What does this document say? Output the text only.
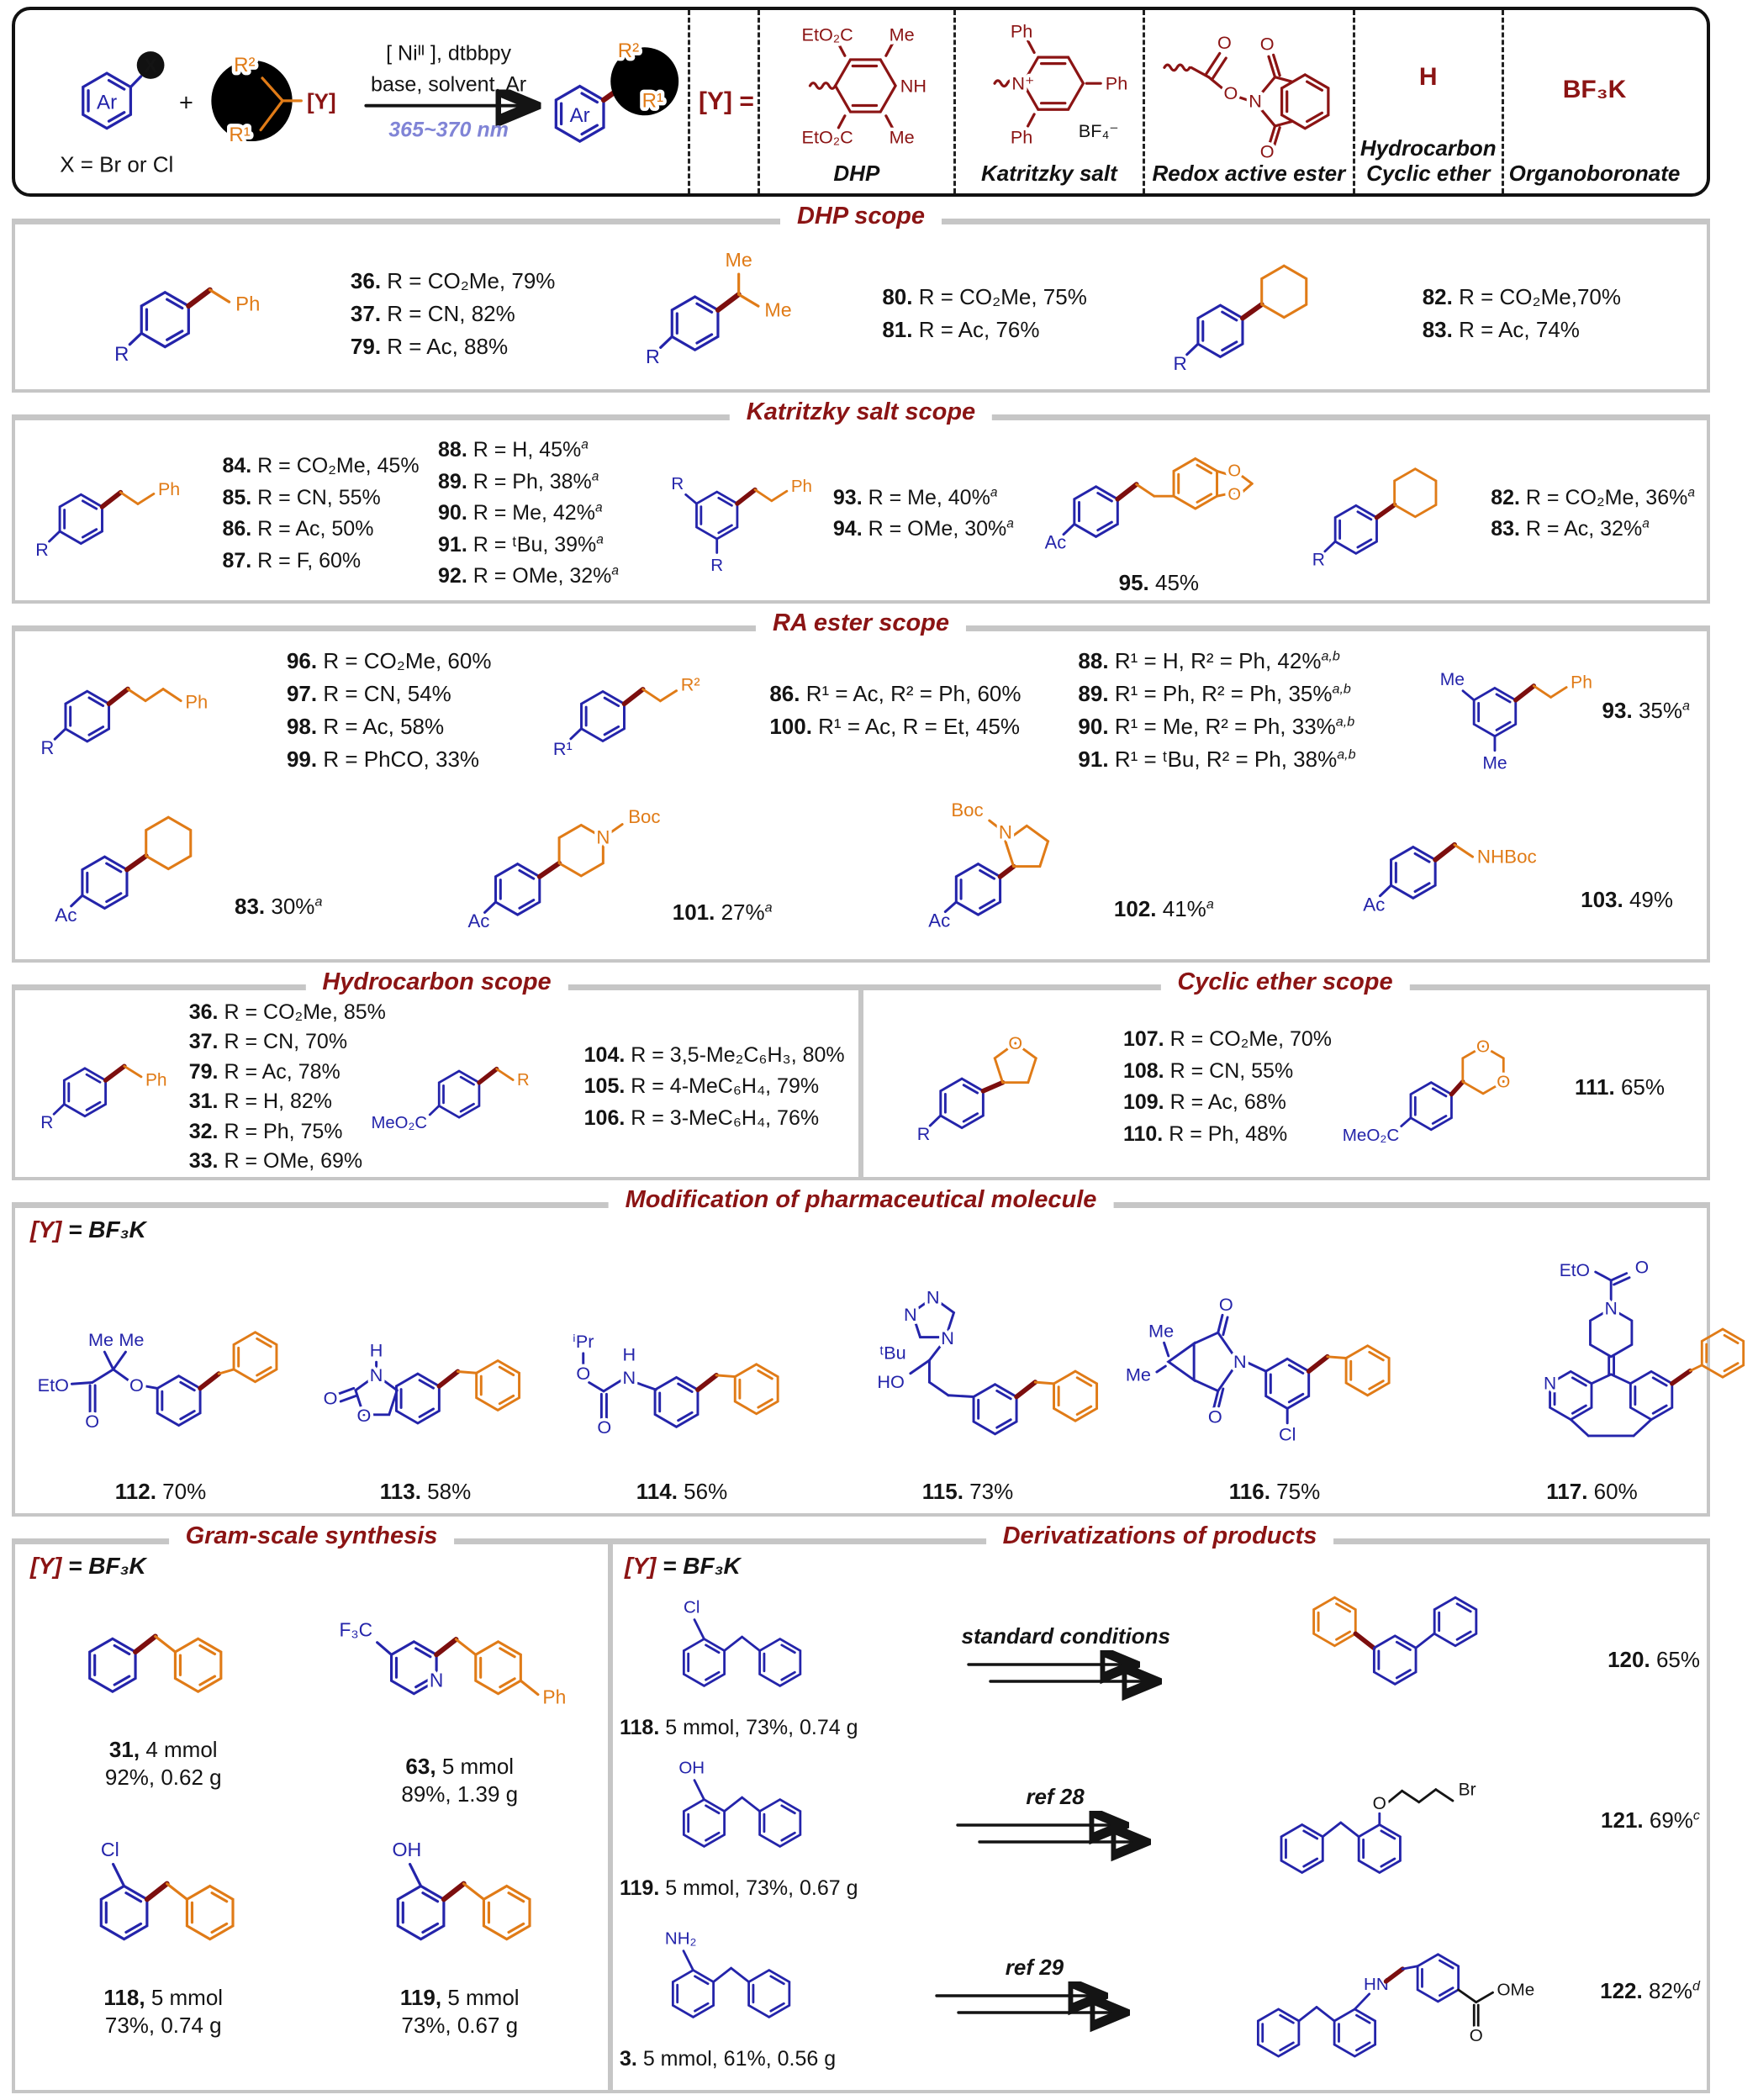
Ar
X
+
R²
R¹
[Y]
[ Niᴵᴵ ], dtbbpy
base, solvent, Ar
365~370 nm
Ar
R²
R¹
X = Br or Cl
[Y] =
EtO₂C Me
NH
EtO₂C Me
DHP
N⁺
Ph
Ph
Ph BF₄⁻
Katritzky salt
O
O N
O
O
Redox active ester
H
Hydrocarbon
Cyclic ether
BF₃K
Organoboronate
DHP scope
R
Ph
36. R = CO₂Me, 79%
37. R = CN, 82%
79. R = Ac, 88%	R
Me
Me
80. R = CO₂Me, 75%
81. R = Ac, 76%
R
82. R = CO₂Me,70%
83. R = Ac, 74%
Katritzky salt scope
R
Ph
84. R = CO₂Me, 45%
85. R = CN, 55%
86. R = Ac, 50%
87. R = F, 60%
88. R = H, 45%$^a$
89. R = Ph, 38%$^a$
90. R = Me, 42%$^a$
91. R = ᵗBu, 39%$^a$
92. R = OMe, 32%$^a$
R
R
Ph 93. R = Me, 40%$^a$
94. R = OMe, 30%$^a$
Ac
O
O
95. 45%
R
82. R = CO₂Me, 36%$^a$
83. R = Ac, 32%$^a$
RA ester scope
R
Ph
96. R = CO₂Me, 60%
97. R = CN, 54%
98. R = Ac, 58%
99. R = PhCO, 33%	R¹
R²	86. R¹ = Ac, R² = Ph, 60%
100. R¹ = Ac, R = Et, 45%
88. R¹ = H, R² = Ph, 42%$^{a,b}$
89. R¹ = Ph, R² = Ph, 35%$^{a,b}$
90. R¹ = Me, R² = Ph, 33%$^{a,b}$
91. R¹ = ᵗBu, R² = Ph, 38%$^{a,b}$
Me
Me
Ph
93. 35%$^a$
Ac	83. 30%$^a$
Ac
N
Boc
101. 27%$^a$
Ac
N
Boc
102. 41%$^a$	Ac
NHBoc
103. 49%
Hydrocarbon scope
R
Ph
36. R = CO₂Me, 85%
37. R = CN, 70%
79. R = Ac, 78%
31. R = H, 82%
32. R = Ph, 75%
33. R = OMe, 69%
MeO₂C
R
104. R = 3,5-Me₂C₆H₃, 80%
105. R = 4-MeC₆H₄, 79%
106. R = 3-MeC₆H₄, 76%
Cyclic ether scope
R
O	107. R = CO₂Me, 70%
108. R = CN, 55%
109. R = Ac, 68%
110. R = Ph, 48%	MeO₂C
O
O	111. 65%
Modification of pharmaceutical molecule
[Y] = BF₃K
EtO
O
Me Me
O
112. 70%
O
N
H
O
113. 58%
ⁱPr
O
O
N
H
114. 56%
N
N
N
ᵗBu
HO
115. 73%
Me
Me
O
O
N
Cl
116. 75%
EtO O
N
N
117. 60%
Gram-scale synthesis
[Y] = BF₃K
31, 4 mmol
92%, 0.62 g
F₃C
N
Ph
63, 5 mmol
89%, 1.39 g
Cl
118, 5 mmol
73%, 0.74 g
OH
119, 5 mmol
73%, 0.67 g
Derivatizations of products
[Y] = BF₃K
Cl
118. 5 mmol, 73%, 0.74 g
standard conditions
120. 65%
OH
119. 5 mmol, 73%, 0.67 g
ref 28	O
Br
121. 69%$^c$
NH₂
3. 5 mmol, 61%, 0.56 g
ref 29
HN	OMe
O
122. 82%$^d$
